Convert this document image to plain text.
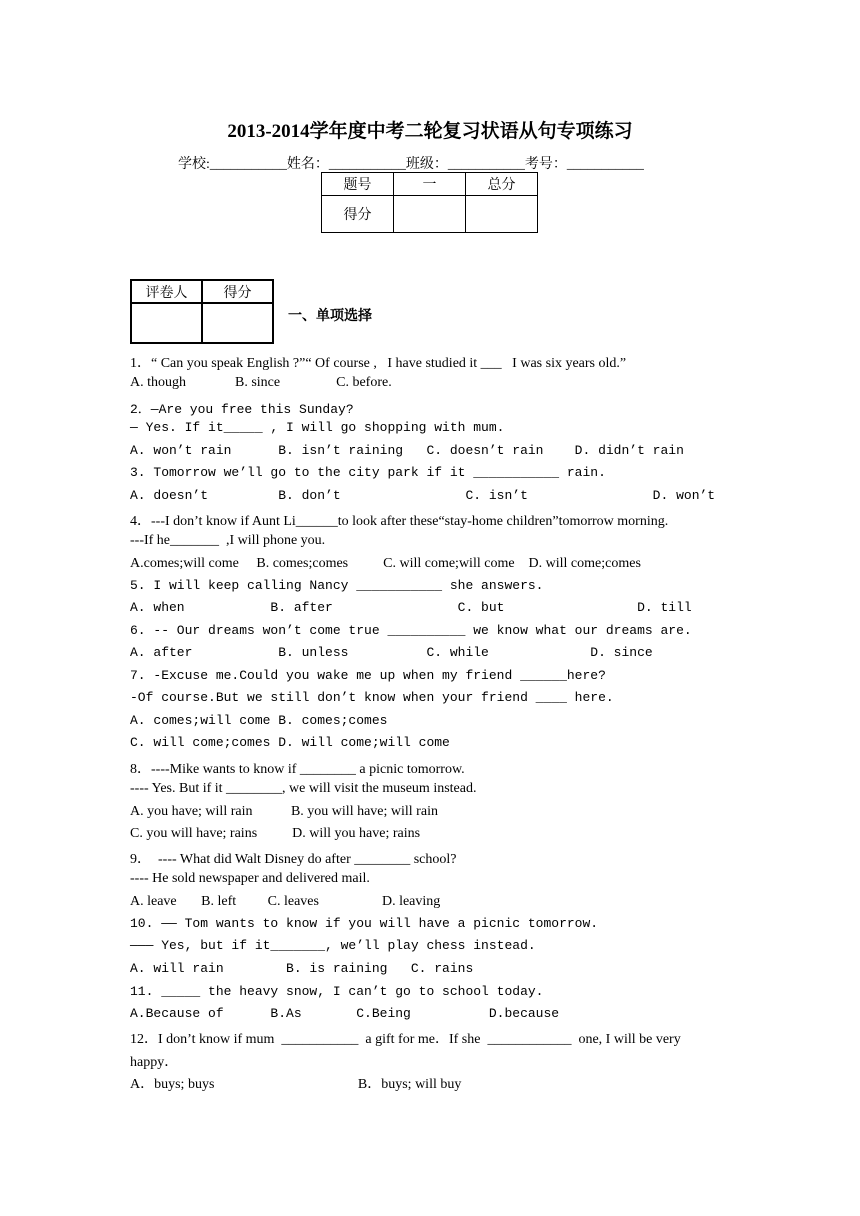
2013-2014学年度中考二轮复习状语从句专项练习
学校:___________姓名：___________班级：___________考号：___________
题号	一	总分
得分		
评卷人	得分

一、单项选择
1．“ Can you speak English ?”“ Of course ,   I have studied it ___   I was six years old.”
A. though              B. since                C. before.
2．—Are you free this Sunday?
— Yes. If it_____ , I will go shopping with mum.
A. won’t rain      B. isn’t raining   C. doesn’t rain    D. didn’t rain
3. Tomorrow we’ll go to the city park if it ___________ rain.
A. doesn’t         B. don’t                C. isn’t                D. won’t
4．---I don’t know if Aunt Li______to look after these“stay-home children”tomorrow morning.
---If he_______  ,I will phone you.
A.comes;will come     B. comes;comes          C. will come;will come    D. will come;comes
5. I will keep calling Nancy ___________ she answers.
A. when           B. after                C. but                 D. till
6. -- Our dreams won’t come true __________ we know what our dreams are.
A. after           B. unless          C. while             D. since
7. -Excuse me.Could you wake me up when my friend ______here?
-Of course.But we still don’t know when your friend ____ here.
A. comes;will come B. comes;comes
C. will come;comes D. will come;will come
8．----Mike wants to know if ________ a picnic tomorrow.
---- Yes. But if it ________, we will visit the museum instead.
A. you have; will rain           B. you will have; will rain
C. you will have; rains          D. will you have; rains
9．  ---- What did Walt Disney do after ________ school?
---- He sold newspaper and delivered mail.
A. leave       B. left         C. leaves                  D. leaving
10. —— Tom wants to know if you will have a picnic tomorrow.
——— Yes, but if it_______, we’ll play chess instead.
A. will rain        B. is raining   C. rains
11. _____ the heavy snow, I can’t go to school today.
A.Because of      B.As       C.Being          D.because
12．I don’t know if mum  ___________  a gift for me．If she  ____________  one, I will be very
happy．
A．buys; buys                                         B．buys; will buy
